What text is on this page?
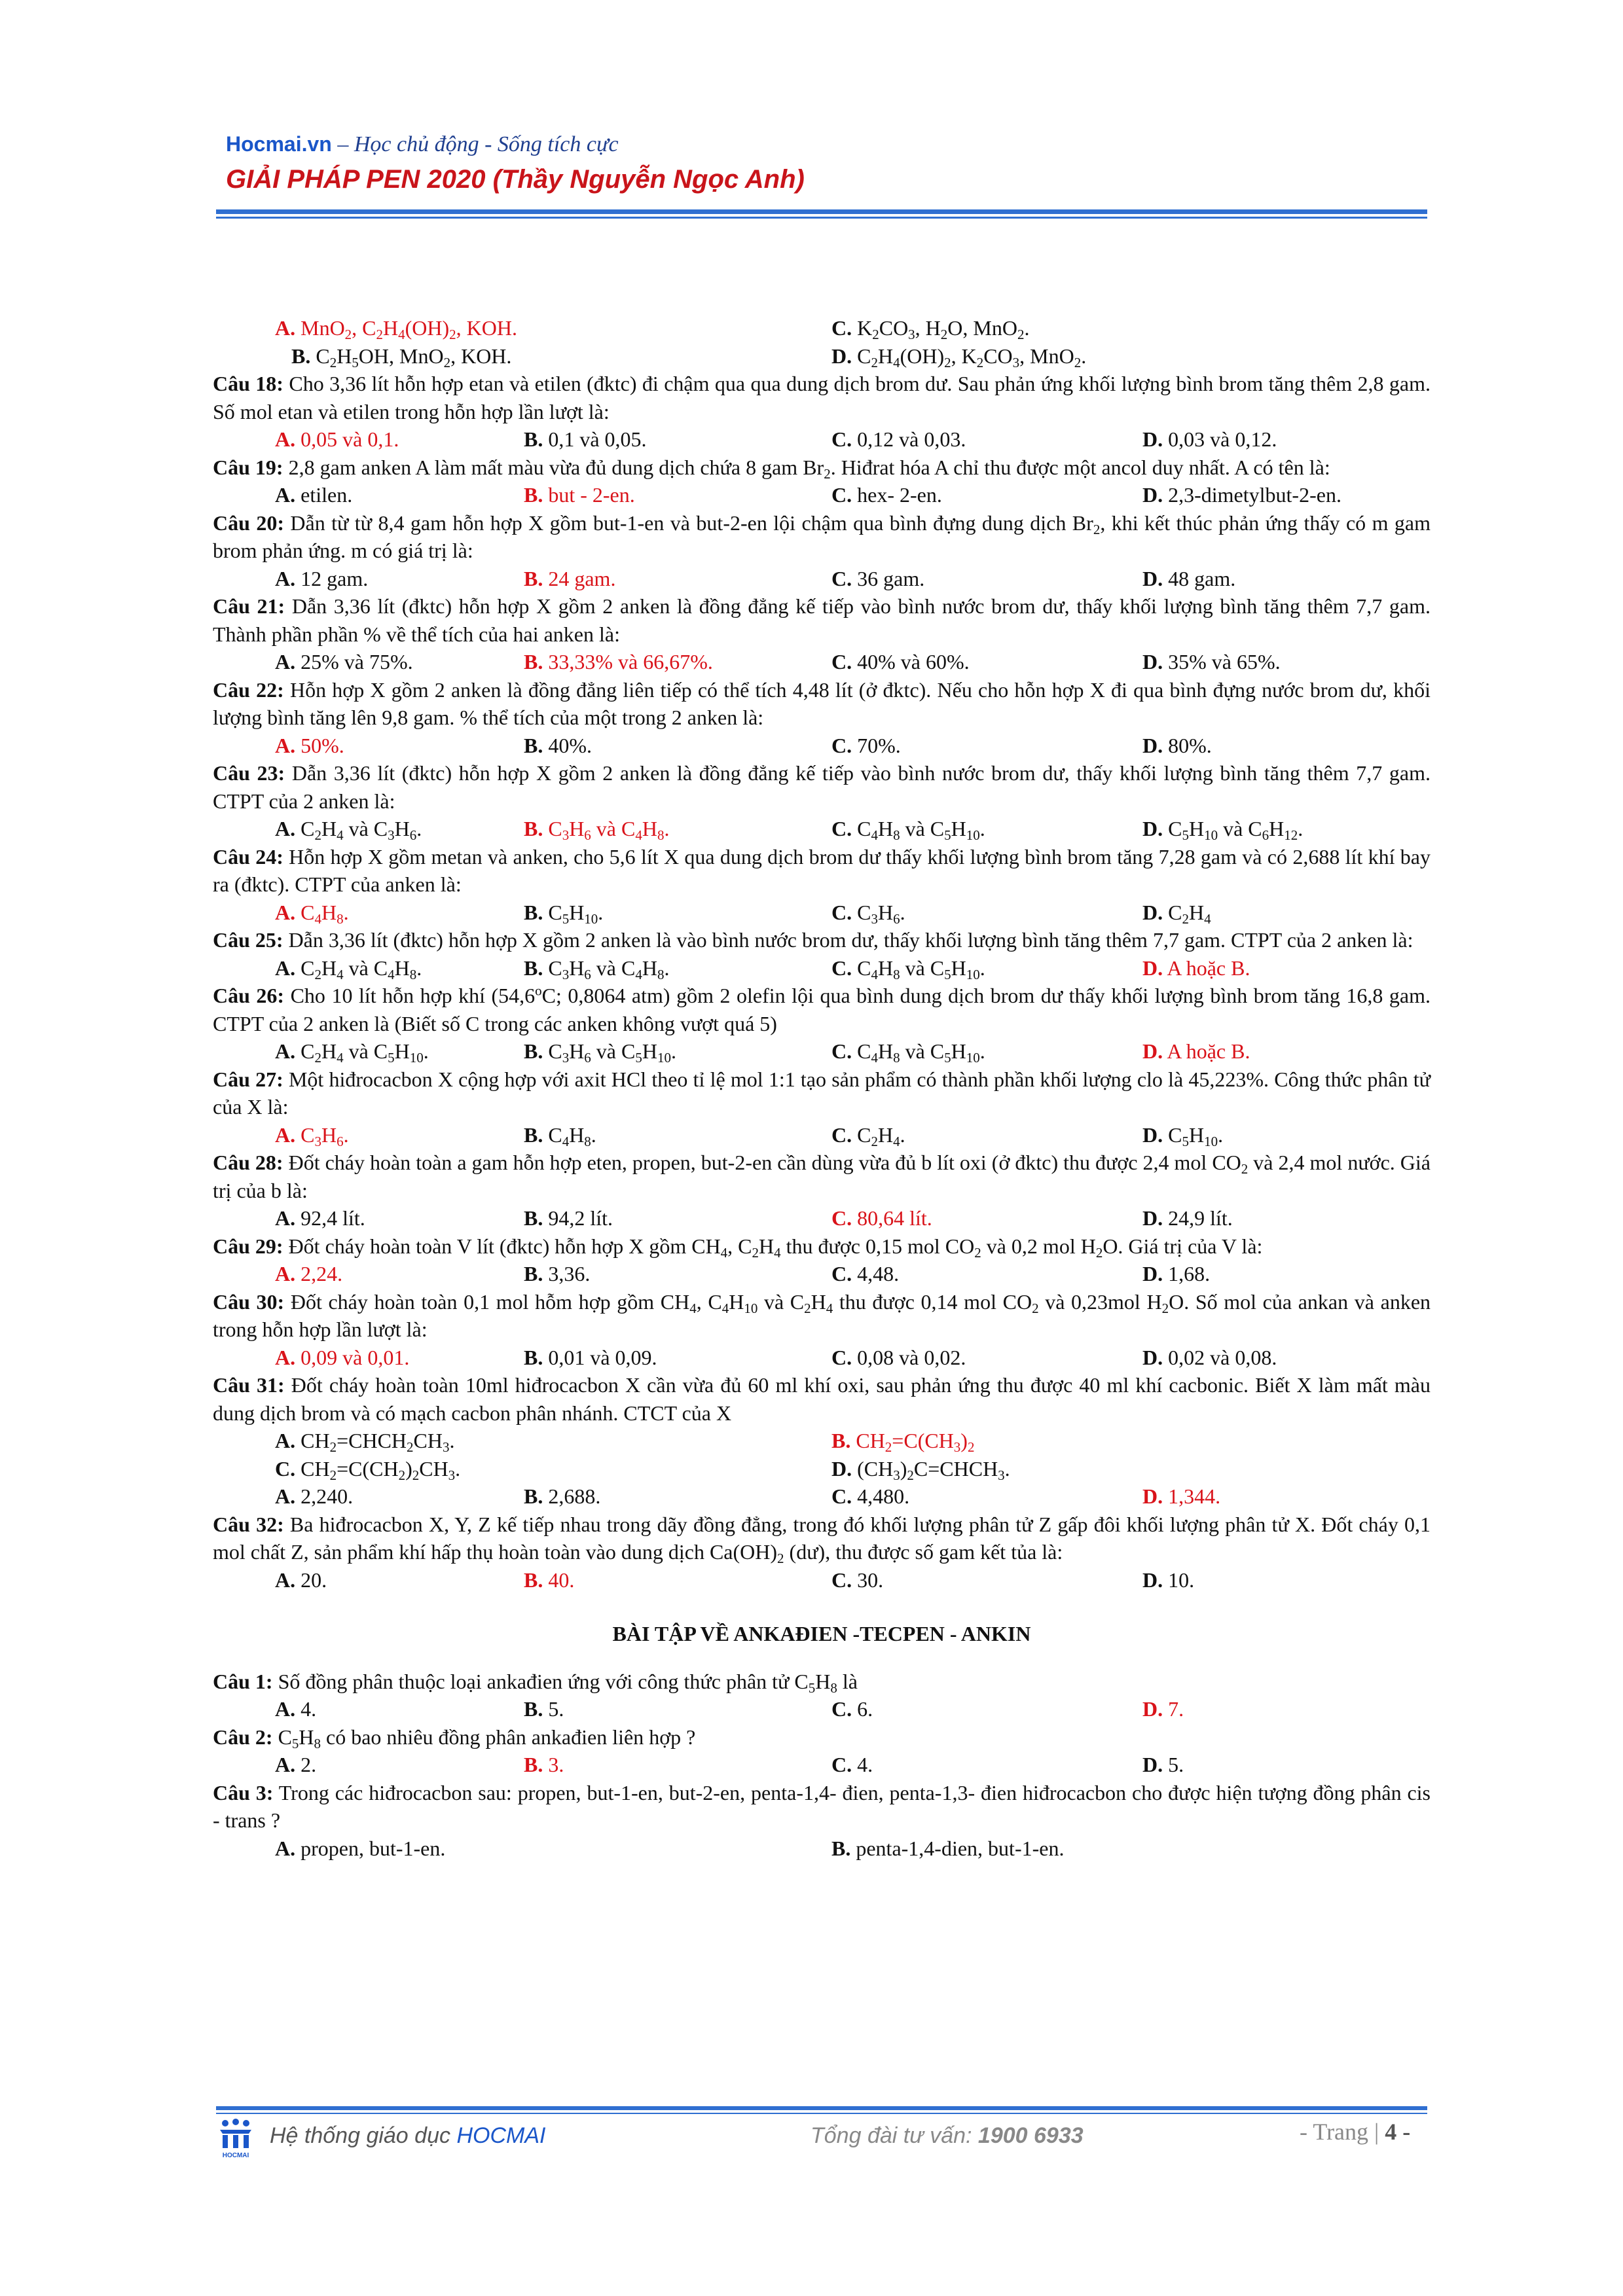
Hocmai.vn – Học chủ động - Sống tích cực
GIẢI PHÁP PEN 2020 (Thầy Nguyễn Ngọc Anh)
A. MnO$_2$, $C_2H_4(OH)_2$, KOH.	C. $K_2CO_3$, $H_2O$, MnO$_2$.
B. $C_2H_5OH$, MnO$_2$, KOH.	D. $C_2H_4(OH)_2$, $K_2CO_3$, MnO$_2$.

Câu 18: Cho 3,36 lít hỗn hợp etan và etilen (đktc) đi chậm qua qua dung dịch brom dư. Sau phản ứng khối lượng bình brom tăng thêm 2,8 gam. Số mol etan và etilen trong hỗn hợp lần lượt là:

A. 0,05 và 0,1.	B. 0,1 và 0,05.	C. 0,12 và 0,03.	D. 0,03 và 0,12.

Câu 19: 2,8 gam anken A làm mất màu vừa đủ dung dịch chứa 8 gam $Br_2$. Hiđrat hóa A chỉ thu được một ancol duy nhất. A có tên là:

A. etilen.	B. but - 2-en.	C. hex- 2-en.	D. 2,3-dimetylbut-2-en.

Câu 20: Dẫn từ từ 8,4 gam hỗn hợp X gồm but-1-en và but-2-en lội chậm qua bình đựng dung dịch $Br_2$, khi kết thúc phản ứng thấy có m gam brom phản ứng. m có giá trị là:

A. 12 gam.	B. 24 gam.	C. 36 gam.	D. 48 gam.

Câu 21: Dẫn 3,36 lít (đktc) hỗn hợp X gồm 2 anken là đồng đẳng kế tiếp vào bình nước brom dư, thấy khối lượng bình tăng thêm 7,7 gam. Thành phần phần % về thể tích của hai anken là:

A. 25% và 75%.	B. 33,33% và 66,67%.	C. 40% và 60%.	D. 35% và 65%.

Câu 22: Hỗn hợp X gồm 2 anken là đồng đẳng liên tiếp có thể tích 4,48 lít (ở đktc). Nếu cho hỗn hợp X đi qua bình đựng nước brom dư, khối lượng bình tăng lên 9,8 gam. % thể tích của một trong 2 anken là:

A. 50%.	B. 40%.	C. 70%.	D. 80%.

Câu 23: Dẫn 3,36 lít (đktc) hỗn hợp X gồm 2 anken là đồng đẳng kế tiếp vào bình nước brom dư, thấy khối lượng bình tăng thêm 7,7 gam. CTPT của 2 anken là:

A. $C_2H_4$ và $C_3H_6$.	B. $C_3H_6$ và $C_4H_8$.	C. $C_4H_8$ và $C_5H_{10}$.	D. $C_5H_{10}$ và $C_6H_{12}$.

Câu 24: Hỗn hợp X gồm metan và anken, cho 5,6 lít X qua dung dịch brom dư thấy khối lượng bình brom tăng 7,28 gam và có 2,688 lít khí bay ra (đktc). CTPT của anken là:

A. $C_4H_8$.	B. $C_5H_{10}$.	C. $C_3H_6$.	D. $C_2H_4$

Câu 25: Dẫn 3,36 lít (đktc) hỗn hợp X gồm 2 anken là vào bình nước brom dư, thấy khối lượng bình tăng thêm 7,7 gam. CTPT của 2 anken là:

A. $C_2H_4$ và $C_4H_8$.	B. $C_3H_6$ và $C_4H_8$.	C. $C_4H_8$ và $C_5H_{10}$.	D. A hoặc B.

Câu 26: Cho 10 lít hỗn hợp khí (54,6$^o$C; 0,8064 atm) gồm 2 olefin lội qua bình dung dịch brom dư thấy khối lượng bình brom tăng 16,8 gam. CTPT của 2 anken là (Biết số C trong các anken không vượt quá 5)

A. $C_2H_4$ và $C_5H_{10}$.	B. $C_3H_6$ và $C_5H_{10}$.	C. $C_4H_8$ và $C_5H_{10}$.	D. A hoặc B.

Câu 27: Một hiđrocacbon X cộng hợp với axit HCl theo tỉ lệ mol 1:1 tạo sản phẩm có thành phần khối lượng clo là 45,223%. Công thức phân tử của X là:

A. $C_3H_6$.	B. $C_4H_8$.	C. $C_2H_4$.	D. $C_5H_{10}$.

Câu 28: Đốt cháy hoàn toàn a gam hỗn hợp eten, propen, but-2-en cần dùng vừa đủ b lít oxi (ở đktc) thu được 2,4 mol $CO_2$ và 2,4 mol nước. Giá trị của b là:

A. 92,4 lít.	B. 94,2 lít.	C. 80,64 lít.	D. 24,9 lít.

Câu 29: Đốt cháy hoàn toàn V lít (đktc) hỗn hợp X gồm $CH_4$, $C_2H_4$ thu được 0,15 mol $CO_2$ và 0,2 mol $H_2O$. Giá trị của V là:

A. 2,24.	B. 3,36.	C. 4,48.	D. 1,68.

Câu 30: Đốt cháy hoàn toàn 0,1 mol hỗm hợp gồm $CH_4$, $C_4H_{10}$ và $C_2H_4$ thu được 0,14 mol $CO_2$ và 0,23mol $H_2O$. Số mol của ankan và anken trong hỗn hợp lần lượt là:

A. 0,09 và 0,01.	B. 0,01 và 0,09.	C. 0,08 và 0,02.	D. 0,02 và 0,08.

Câu 31: Đốt cháy hoàn toàn 10ml hiđrocacbon X cần vừa đủ 60 ml khí oxi, sau phản ứng thu được 40 ml khí cacbonic. Biết X làm mất màu dung dịch brom và có mạch cacbon phân nhánh. CTCT của X

A. $CH_2=CHCH_2CH_3$.	B. $CH_2=C(CH_3)_2$
C. $CH_2=C(CH_2)_2CH_3$.	D. $(CH_3)_2C=CHCH_3$.
A. 2,240.	B. 2,688.	C. 4,480.	D. 1,344.

Câu 32: Ba hiđrocacbon X, Y, Z kế tiếp nhau trong dãy đồng đẳng, trong đó khối lượng phân tử Z gấp đôi khối lượng phân tử X. Đốt cháy 0,1 mol chất Z, sản phẩm khí hấp thụ hoàn toàn vào dung dịch $Ca(OH)_2$ (dư), thu được số gam kết tủa là:

A. 20.	B. 40.	C. 30.	D. 10.
BÀI TẬP VỀ ANKAĐIEN -TECPEN - ANKIN

Câu 1: Số đồng phân thuộc loại ankađien ứng với công thức phân tử $C_5H_8$ là

A. 4.	B. 5.	C. 6.	D. 7.

Câu 2: $C_5H_8$ có bao nhiêu đồng phân ankađien liên hợp ?

A. 2.	B. 3.	C. 4.	D. 5.

Câu 3: Trong các hiđrocacbon sau: propen, but-1-en, but-2-en, penta-1,4- đien, penta-1,3- đien hiđrocacbon cho được hiện tượng đồng phân cis - trans ?

A. propen, but-1-en.	B. penta-1,4-dien, but-1-en.
HOCMAI
Hệ thống giáo dục HOCMAI	Tổng đài tư vấn: 1900 6933	- Trang | 4 -
